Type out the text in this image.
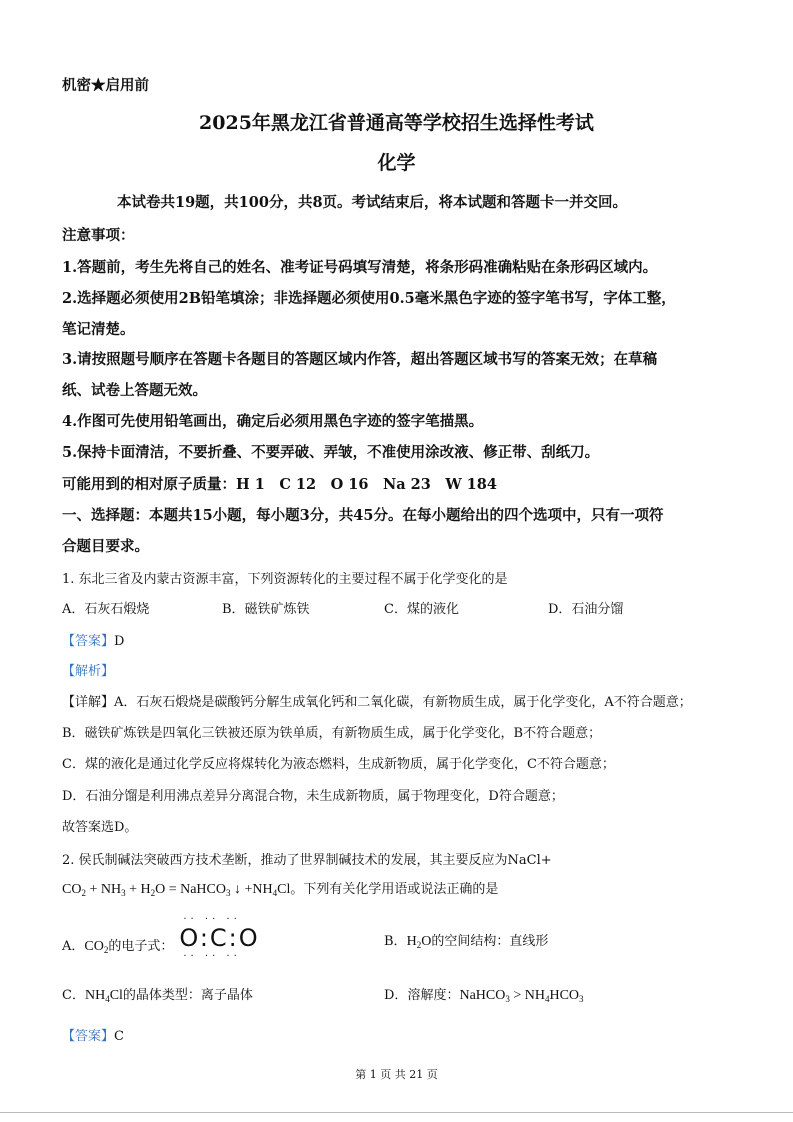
机密★启用前
2025年黑龙江省普通高等学校招生选择性考试
化学
本试卷共19题，共100分，共8页。考试结束后，将本试题和答题卡一并交回。
注意事项：
1.答题前，考生先将自己的姓名、准考证号码填写清楚，将条形码准确粘贴在条形码区域内。
2.选择题必须使用2B铅笔填涂；非选择题必须使用0.5毫米黑色字迹的签字笔书写，字体工整，
笔记清楚。
3.请按照题号顺序在答题卡各题目的答题区域内作答，超出答题区域书写的答案无效；在草稿
纸、试卷上答题无效。
4.作图可先使用铅笔画出，确定后必须用黑色字迹的签字笔描黑。
5.保持卡面清洁，不要折叠、不要弄破、弄皱，不准使用涂改液、修正带、刮纸刀。
可能用到的相对原子质量：H 1　C 12　O 16　Na 23　W 184
一、选择题：本题共15小题，每小题3分，共45分。在每小题给出的四个选项中，只有一项符
合题目要求。
1. 东北三省及内蒙古资源丰富，下列资源转化的主要过程不属于化学变化的是
A．石灰石煅烧	B．磁铁矿炼铁	C．煤的液化	D．石油分馏
【答案】D
【解析】
【详解】A．石灰石煅烧是碳酸钙分解生成氧化钙和二氧化碳，有新物质生成，属于化学变化，A不符合题意；
B．磁铁矿炼铁是四氧化三铁被还原为铁单质，有新物质生成，属于化学变化，B不符合题意；
C．煤的液化是通过化学反应将煤转化为液态燃料，生成新物质，属于化学变化，C不符合题意；
D．石油分馏是利用沸点差异分离混合物，未生成新物质，属于物理变化，D符合题意；
故答案选D。
2. 侯氏制碱法突破西方技术垄断，推动了世界制碱技术的发展，其主要反应为NaCl+
$CO_2 + NH_3 + H_2O$ = NaHCO$_3$ ↓ $+NH_4Cl$。下列有关化学用语或说法正确的是
A．$CO_2$的电子式：
·· ·· ··
O:C:O
·· ·· ··
B．$H_2O$的空间结构：直线形
C．$NH_4Cl$的晶体类型：离子晶体	D．溶解度：NaHCO$_3$ > $NH_4HCO_3$
【答案】C
第 1 页 共 21 页
